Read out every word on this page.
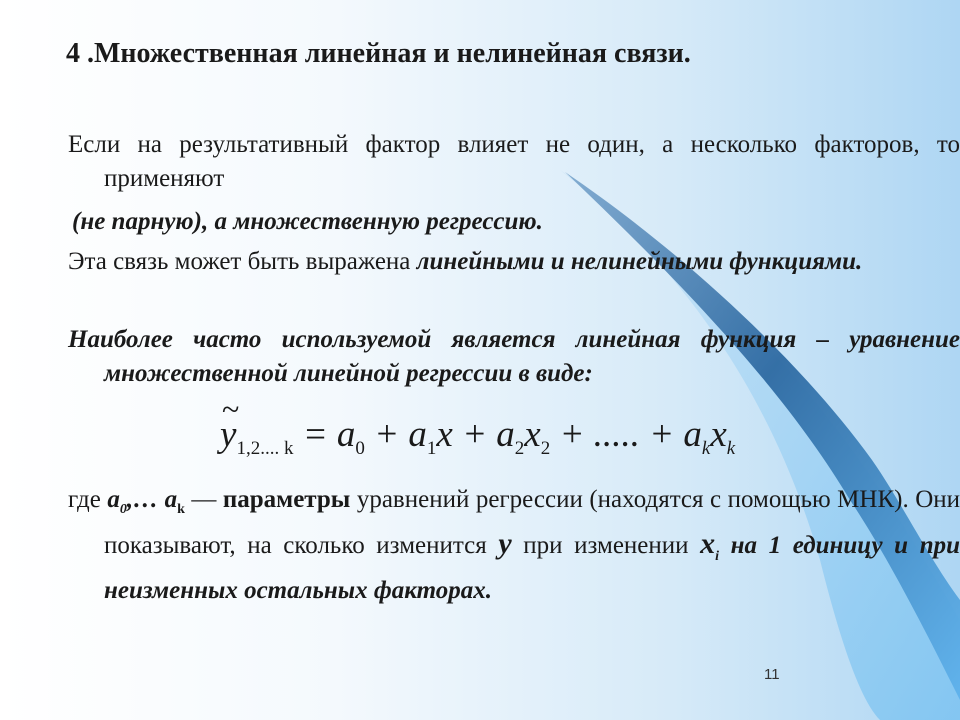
4 .Множественная линейная и нелинейная связи.

Если на результативный фактор влияет не один, а несколько факторов, то применяют

(не парную), а множественную регрессию.

Эта связь может быть выражена линейными и нелинейными функциями.

Наиболее часто используемой является линейная функция – уравнение множественной линейной регрессии в виде:

~ $y_{1,2.... k} = a_0 + a_1x + a_2x_2$ + ..... + $a_kx_k$

где $a_0,\dots$ $a_k$ — параметры уравнений регрессии (находятся с помощью МНК). Они показывают, на сколько изменится y при изменении $x_i$ на 1 единицу и при неизменных остальных факторах.

11
